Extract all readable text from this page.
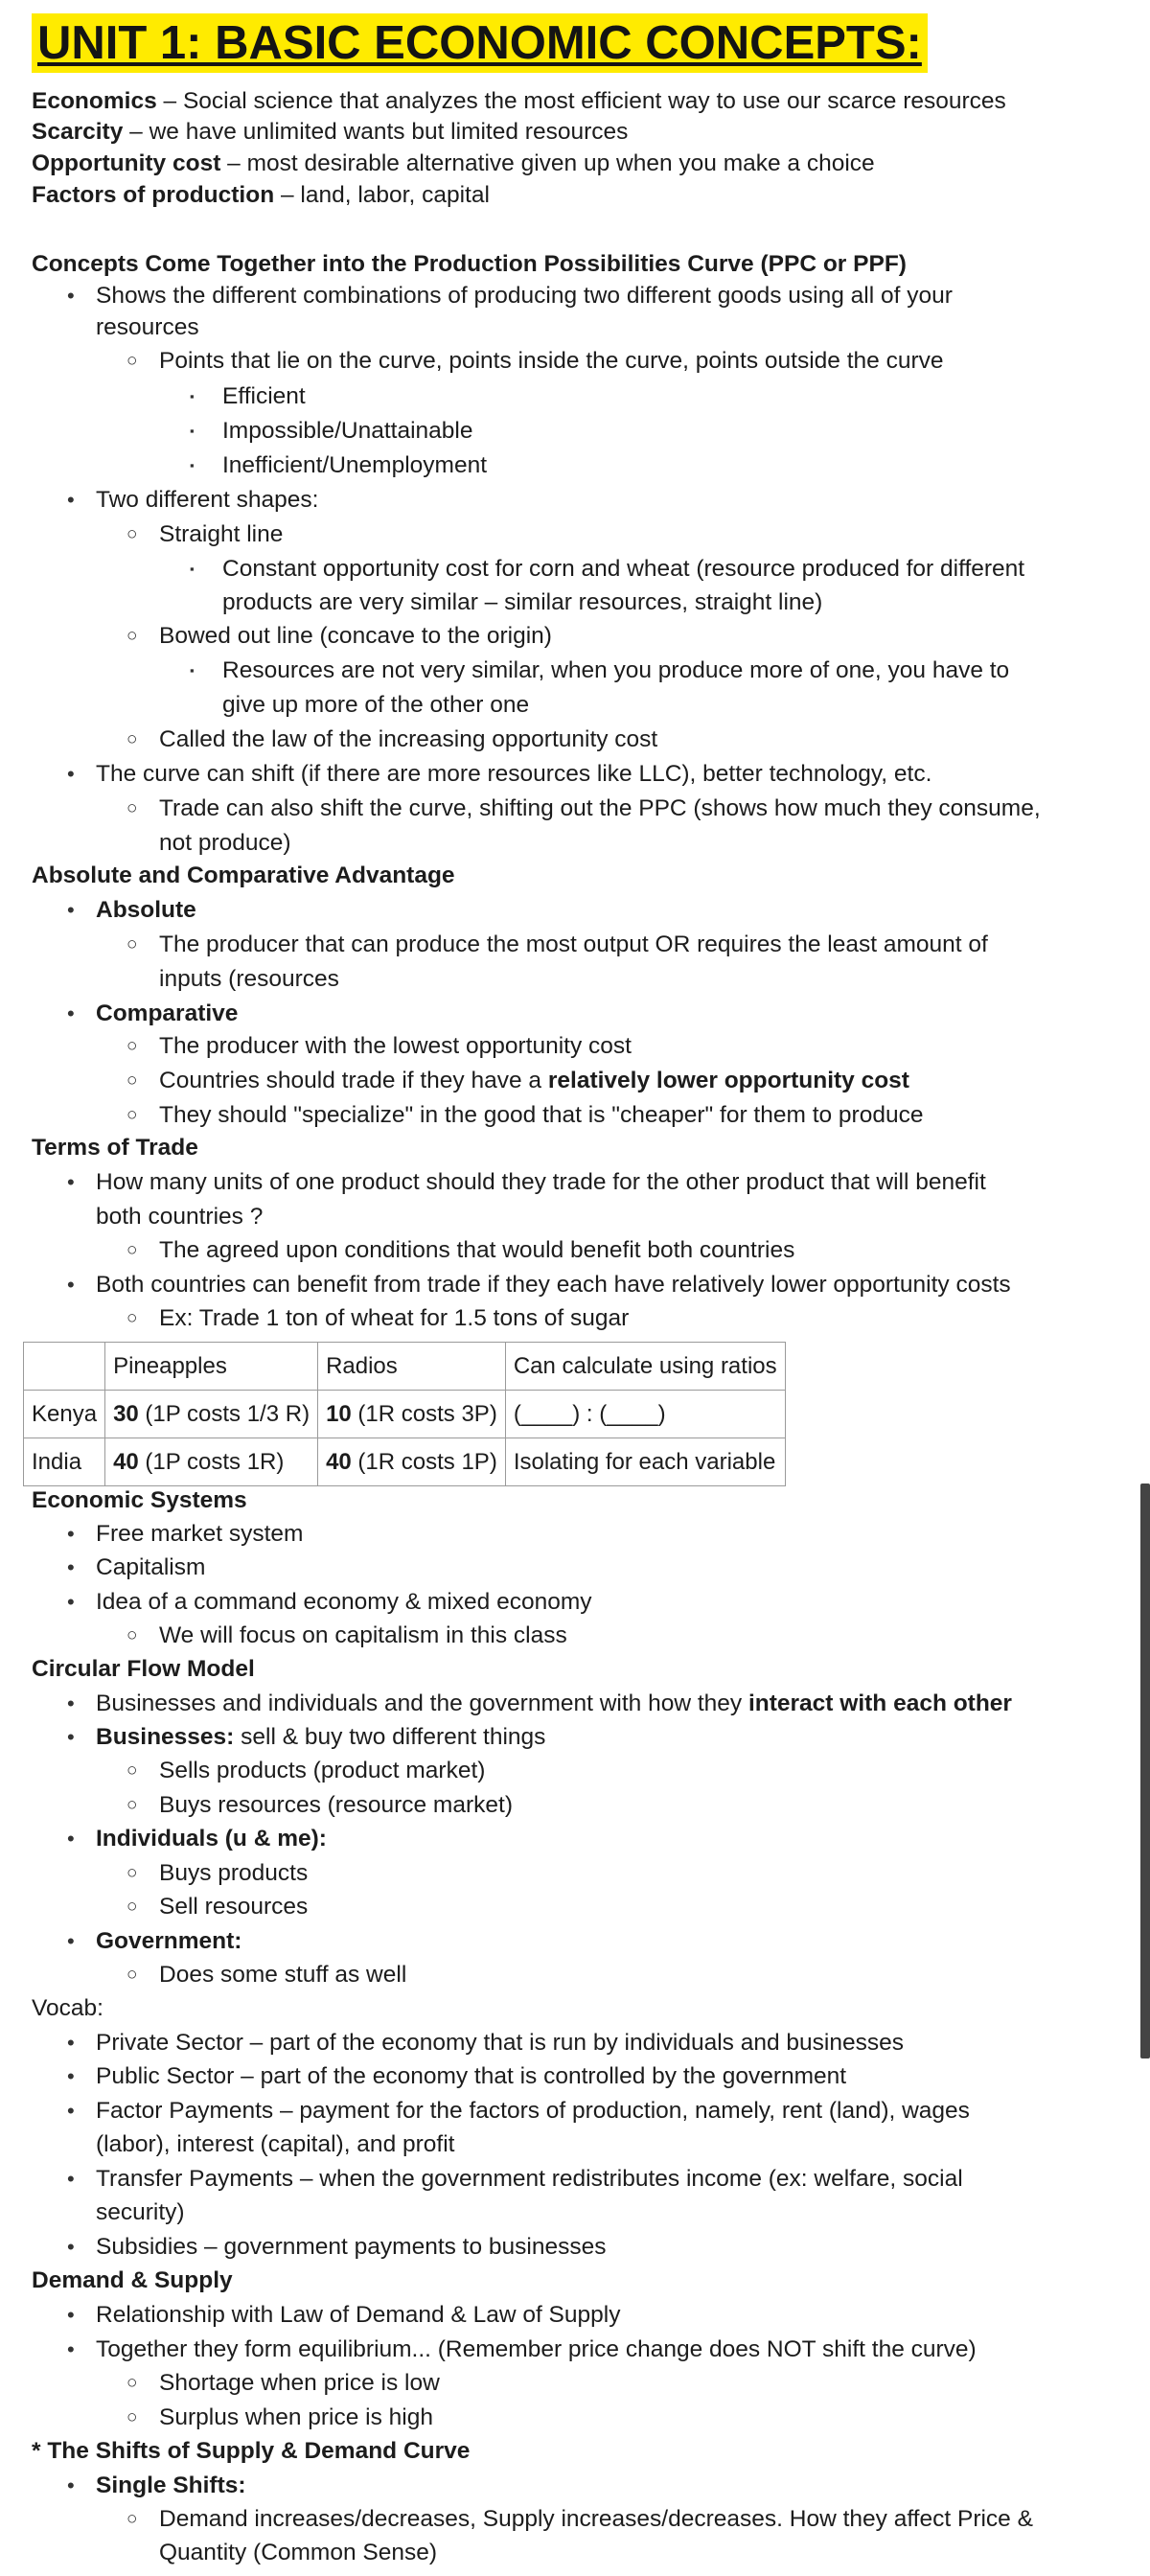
UNIT 1: BASIC ECONOMIC CONCEPTS:
Economics – Social science that analyzes the most efficient way to use our scarce resources
Scarcity – we have unlimited wants but limited resources
Opportunity cost – most desirable alternative given up when you make a choice
Factors of production – land, labor, capital
Concepts Come Together into the Production Possibilities Curve (PPC or PPF)
• Shows the different combinations of producing two different goods using all of your
resources
○ Points that lie on the curve, points inside the curve, points outside the curve
▪ Efficient
▪ Impossible/Unattainable
▪ Inefficient/Unemployment
• Two different shapes:
○ Straight line
▪ Constant opportunity cost for corn and wheat (resource produced for different
products are very similar – similar resources, straight line)
○ Bowed out line (concave to the origin)
▪ Resources are not very similar, when you produce more of one, you have to
give up more of the other one
○ Called the law of the increasing opportunity cost
• The curve can shift (if there are more resources like LLC), better technology, etc.
○ Trade can also shift the curve, shifting out the PPC (shows how much they consume,
not produce)
Absolute and Comparative Advantage
• Absolute
○ The producer that can produce the most output OR requires the least amount of
inputs (resources
• Comparative
○ The producer with the lowest opportunity cost
○ Countries should trade if they have a relatively lower opportunity cost
○ They should "specialize" in the good that is "cheaper" for them to produce
Terms of Trade
• How many units of one product should they trade for the other product that will benefit
both countries ?
○ The agreed upon conditions that would benefit both countries
• Both countries can benefit from trade if they each have relatively lower opportunity costs
○ Ex: Trade 1 ton of wheat for 1.5 tons of sugar
Economic Systems
• Free market system
• Capitalism
• Idea of a command economy & mixed economy
○ We will focus on capitalism in this class
Circular Flow Model
• Businesses and individuals and the government with how they interact with each other
• Businesses: sell & buy two different things
○ Sells products (product market)
○ Buys resources (resource market)
• Individuals (u & me):
○ Buys products
○ Sell resources
• Government:
○ Does some stuff as well
Vocab:
• Private Sector – part of the economy that is run by individuals and businesses
• Public Sector – part of the economy that is controlled by the government
• Factor Payments – payment for the factors of production, namely, rent (land), wages
(labor), interest (capital), and profit
• Transfer Payments – when the government redistributes income (ex: welfare, social
security)
• Subsidies – government payments to businesses
Demand & Supply
• Relationship with Law of Demand & Law of Supply
• Together they form equilibrium... (Remember price change does NOT shift the curve)
○ Shortage when price is low
○ Surplus when price is high
* The Shifts of Supply & Demand Curve
• Single Shifts:
○ Demand increases/decreases, Supply increases/decreases. How they affect Price &
Quantity (Common Sense)
	Pineapples	Radios	Can calculate using ratios
Kenya	30 (1P costs 1/3 R)	10 (1R costs 3P)	(____) : (____)
India	40 (1P costs 1R)	40 (1R costs 1P)	Isolating for each variable
